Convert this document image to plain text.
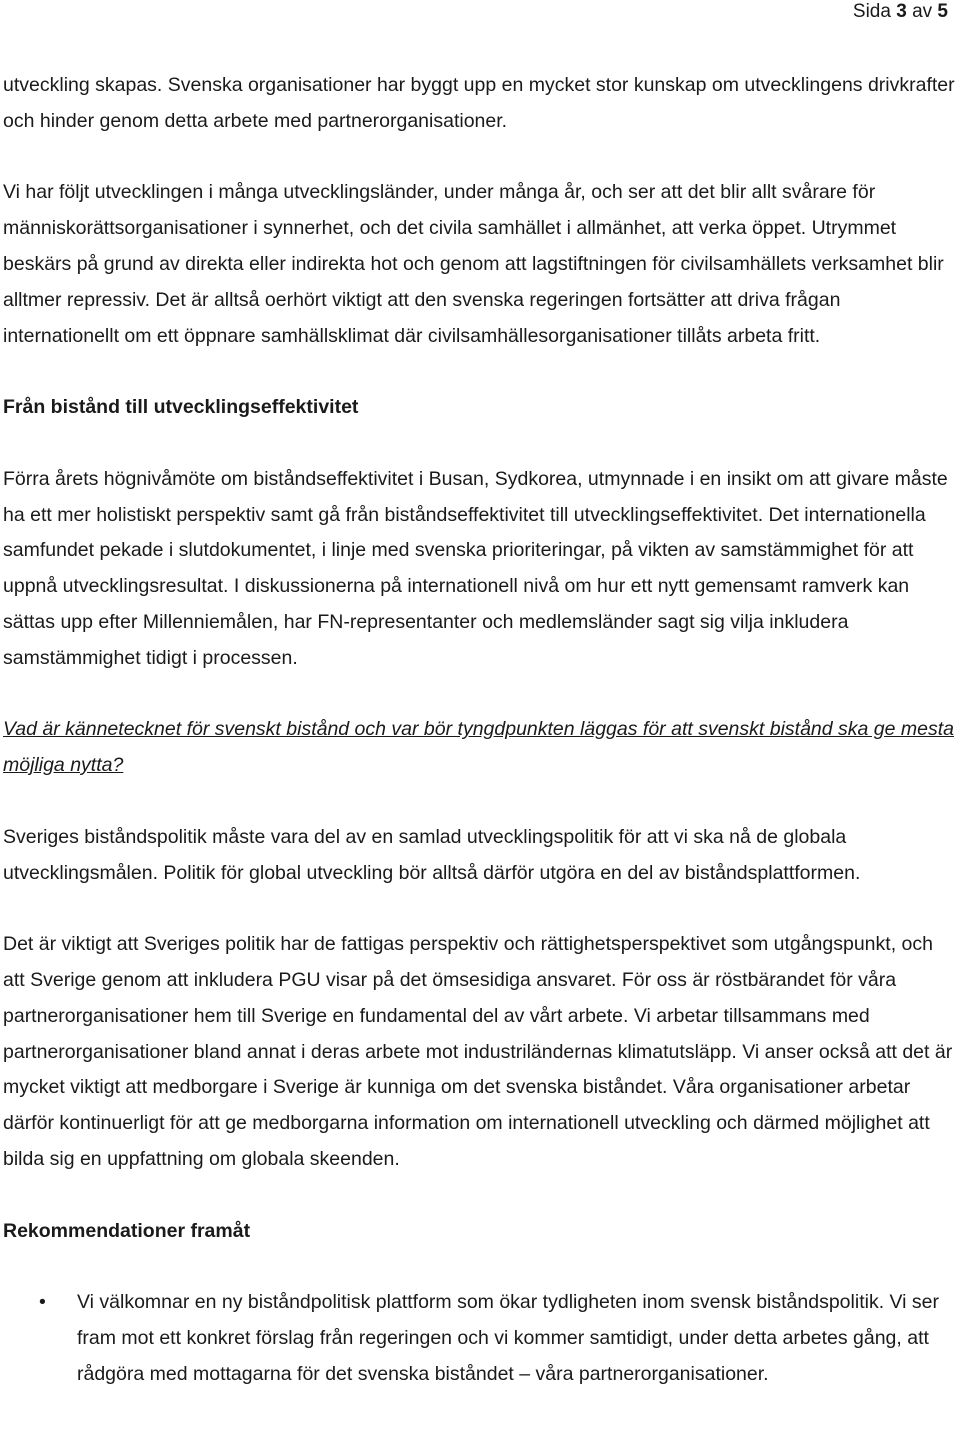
Sida 3 av 5

utveckling skapas. Svenska organisationer har byggt upp en mycket stor kunskap om utvecklingens drivkrafter och hinder genom detta arbete med partnerorganisationer.

Vi har följt utvecklingen i många utvecklingsländer, under många år, och ser att det blir allt svårare för människorättsorganisationer i synnerhet, och det civila samhället i allmänhet, att verka öppet. Utrymmet beskärs på grund av direkta eller indirekta hot och genom att lagstiftningen för civilsamhällets verksamhet blir alltmer repressiv. Det är alltså oerhört viktigt att den svenska regeringen fortsätter att driva frågan internationellt om ett öppnare samhällsklimat där civilsamhällesorganisationer tillåts arbeta fritt.

Från bistånd till utvecklingseffektivitet

Förra årets högnivåmöte om biståndseffektivitet i Busan, Sydkorea, utmynnade i en insikt om att givare måste ha ett mer holistiskt perspektiv samt gå från biståndseffektivitet till utvecklingseffektivitet. Det internationella samfundet pekade i slutdokumentet, i linje med svenska prioriteringar, på vikten av samstämmighet för att uppnå utvecklingsresultat. I diskussionerna på internationell nivå om hur ett nytt gemensamt ramverk kan sättas upp efter Millenniemålen, har FN-representanter och medlemsländer sagt sig vilja inkludera samstämmighet tidigt i processen.

Vad är kännetecknet för svenskt bistånd och var bör tyngdpunkten läggas för att svenskt bistånd ska ge mesta möjliga nytta?

Sveriges biståndspolitik måste vara del av en samlad utvecklingspolitik för att vi ska nå de globala utvecklingsmålen. Politik för global utveckling bör alltså därför utgöra en del av biståndsplattformen.

Det är viktigt att Sveriges politik har de fattigas perspektiv och rättighetsperspektivet som utgångspunkt, och att Sverige genom att inkludera PGU visar på det ömsesidiga ansvaret. För oss är röstbärandet för våra partnerorganisationer hem till Sverige en fundamental del av vårt arbete. Vi arbetar tillsammans med partnerorganisationer bland annat i deras arbete mot industriländernas klimatutsläpp. Vi anser också att det är mycket viktigt att medborgare i Sverige är kunniga om det svenska biståndet. Våra organisationer arbetar därför kontinuerligt för att ge medborgarna information om internationell utveckling och därmed möjlighet att bilda sig en uppfattning om globala skeenden.

Rekommendationer framåt
• Vi välkomnar en ny biståndpolitisk plattform som ökar tydligheten inom svensk biståndspolitik. Vi ser fram mot ett konkret förslag från regeringen och vi kommer samtidigt, under detta arbetes gång, att rådgöra med mottagarna för det svenska biståndet – våra partnerorganisationer.
